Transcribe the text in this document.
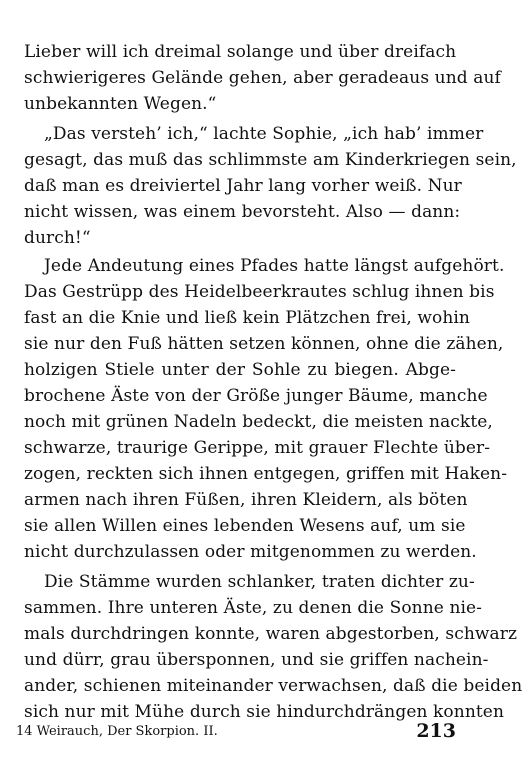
Lieber will ich dreimal solange und über dreifach
schwierigeres Gelände gehen, aber geradeaus und auf
unbekannten Wegen.“
„Das versteh’ ich,“ lachte Sophie, „ich hab’ immer
gesagt, das muß das schlimmste am Kinderkriegen sein,
daß man es dreiviertel Jahr lang vorher weiß. Nur
nicht wissen, was einem bevorsteht. Also — dann:
durch!“
Jede Andeutung eines Pfades hatte längst aufgehört.
Das Gestrüpp des Heidelbeerkrautes schlug ihnen bis
fast an die Knie und ließ kein Plätzchen frei, wohin
sie nur den Fuß hätten setzen können, ohne die zähen,
holzigen Stiele unter der Sohle zu biegen. Abge-
brochene Äste von der Größe junger Bäume, manche
noch mit grünen Nadeln bedeckt, die meisten nackte,
schwarze, traurige Gerippe, mit grauer Flechte über-
zogen, reckten sich ihnen entgegen, griffen mit Haken-
armen nach ihren Füßen, ihren Kleidern, als böten
sie allen Willen eines lebenden Wesens auf, um sie
nicht durchzulassen oder mitgenommen zu werden.
Die Stämme wurden schlanker, traten dichter zu-
sammen. Ihre unteren Äste, zu denen die Sonne nie-
mals durchdringen konnte, waren abgestorben, schwarz
und dürr, grau übersponnen, und sie griffen nachein-
ander, schienen miteinander verwachsen, daß die beiden
sich nur mit Mühe durch sie hindurchdrängen konnten
14 Weirauch, Der Skorpion. II.	213
